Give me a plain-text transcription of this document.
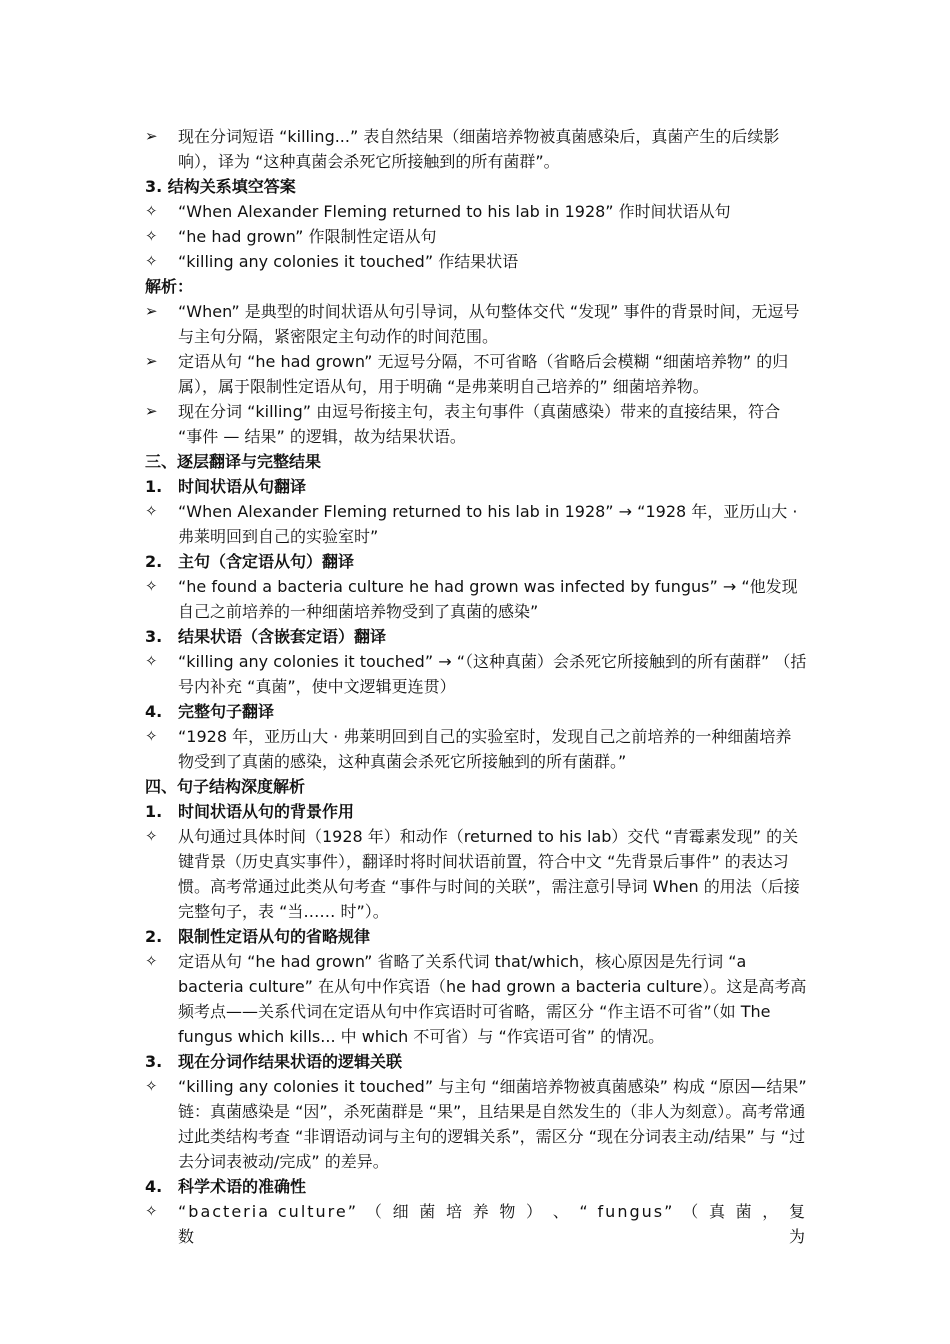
➢	现在分词短语 “killing...” 表自然结果（细菌培养物被真菌感染后，真菌产生的后续影响），译为 “这种真菌会杀死它所接触到的所有菌群”。
3. 结构关系填空答案
✧	“When Alexander Fleming returned to his lab in 1928” 作时间状语从句
✧	“he had grown” 作限制性定语从句
✧	“killing any colonies it touched” 作结果状语
解析：
➢	“When” 是典型的时间状语从句引导词，从句整体交代 “发现” 事件的背景时间，无逗号与主句分隔，紧密限定主句动作的时间范围。
➢	定语从句 “he had grown” 无逗号分隔，不可省略（省略后会模糊 “细菌培养物” 的归属），属于限制性定语从句，用于明确 “是弗莱明自己培养的” 细菌培养物。
➢	现在分词 “killing” 由逗号衔接主句，表主句事件（真菌感染）带来的直接结果，符合 “事件 — 结果” 的逻辑，故为结果状语。
三、逐层翻译与完整结果
1. 时间状语从句翻译
✧	“When Alexander Fleming returned to his lab in 1928” → “1928 年，亚历山大 · 弗莱明回到自己的实验室时”
2. 主句（含定语从句）翻译
✧	“he found a bacteria culture he had grown was infected by fungus” → “他发现自己之前培养的一种细菌培养物受到了真菌的感染”
3. 结果状语（含嵌套定语）翻译
✧	“killing any colonies it touched” → “（这种真菌）会杀死它所接触到的所有菌群” （括号内补充 “真菌”，使中文逻辑更连贯）
4. 完整句子翻译
✧	“1928 年，亚历山大 · 弗莱明回到自己的实验室时，发现自己之前培养的一种细菌培养物受到了真菌的感染，这种真菌会杀死它所接触到的所有菌群。”
四、句子结构深度解析
1. 时间状语从句的背景作用
✧	从句通过具体时间（1928 年）和动作（returned to his lab）交代 “青霉素发现” 的关键背景（历史真实事件），翻译时将时间状语前置，符合中文 “先背景后事件” 的表达习惯。高考常通过此类从句考查 “事件与时间的关联”，需注意引导词 When 的用法（后接完整句子，表 “当…… 时”）。
2. 限制性定语从句的省略规律
✧	定语从句 “he had grown” 省略了关系代词 that/which，核心原因是先行词 “a bacteria culture” 在从句中作宾语（he had grown a bacteria culture）。这是高考高频考点——关系代词在定语从句中作宾语时可省略，需区分 “作主语不可省”（如 The fungus which kills... 中 which 不可省）与 “作宾语可省” 的情况。
3. 现在分词作结果状语的逻辑关联
✧	“killing any colonies it touched” 与主句 “细菌培养物被真菌感染” 构成 “原因—结果” 链：真菌感染是 “因”，杀死菌群是 “果”，且结果是自然发生的（非人为刻意）。高考常通过此类结构考查 “非谓语动词与主句的逻辑关系”，需区分 “现在分词表主动/结果” 与 “过去分词表被动/完成” 的差异。
4. 科学术语的准确性
✧	“bacteria culture” （ 细 菌 培 养 物 ） 、 “ fungus” （ 真 菌 ， 复 数 为
